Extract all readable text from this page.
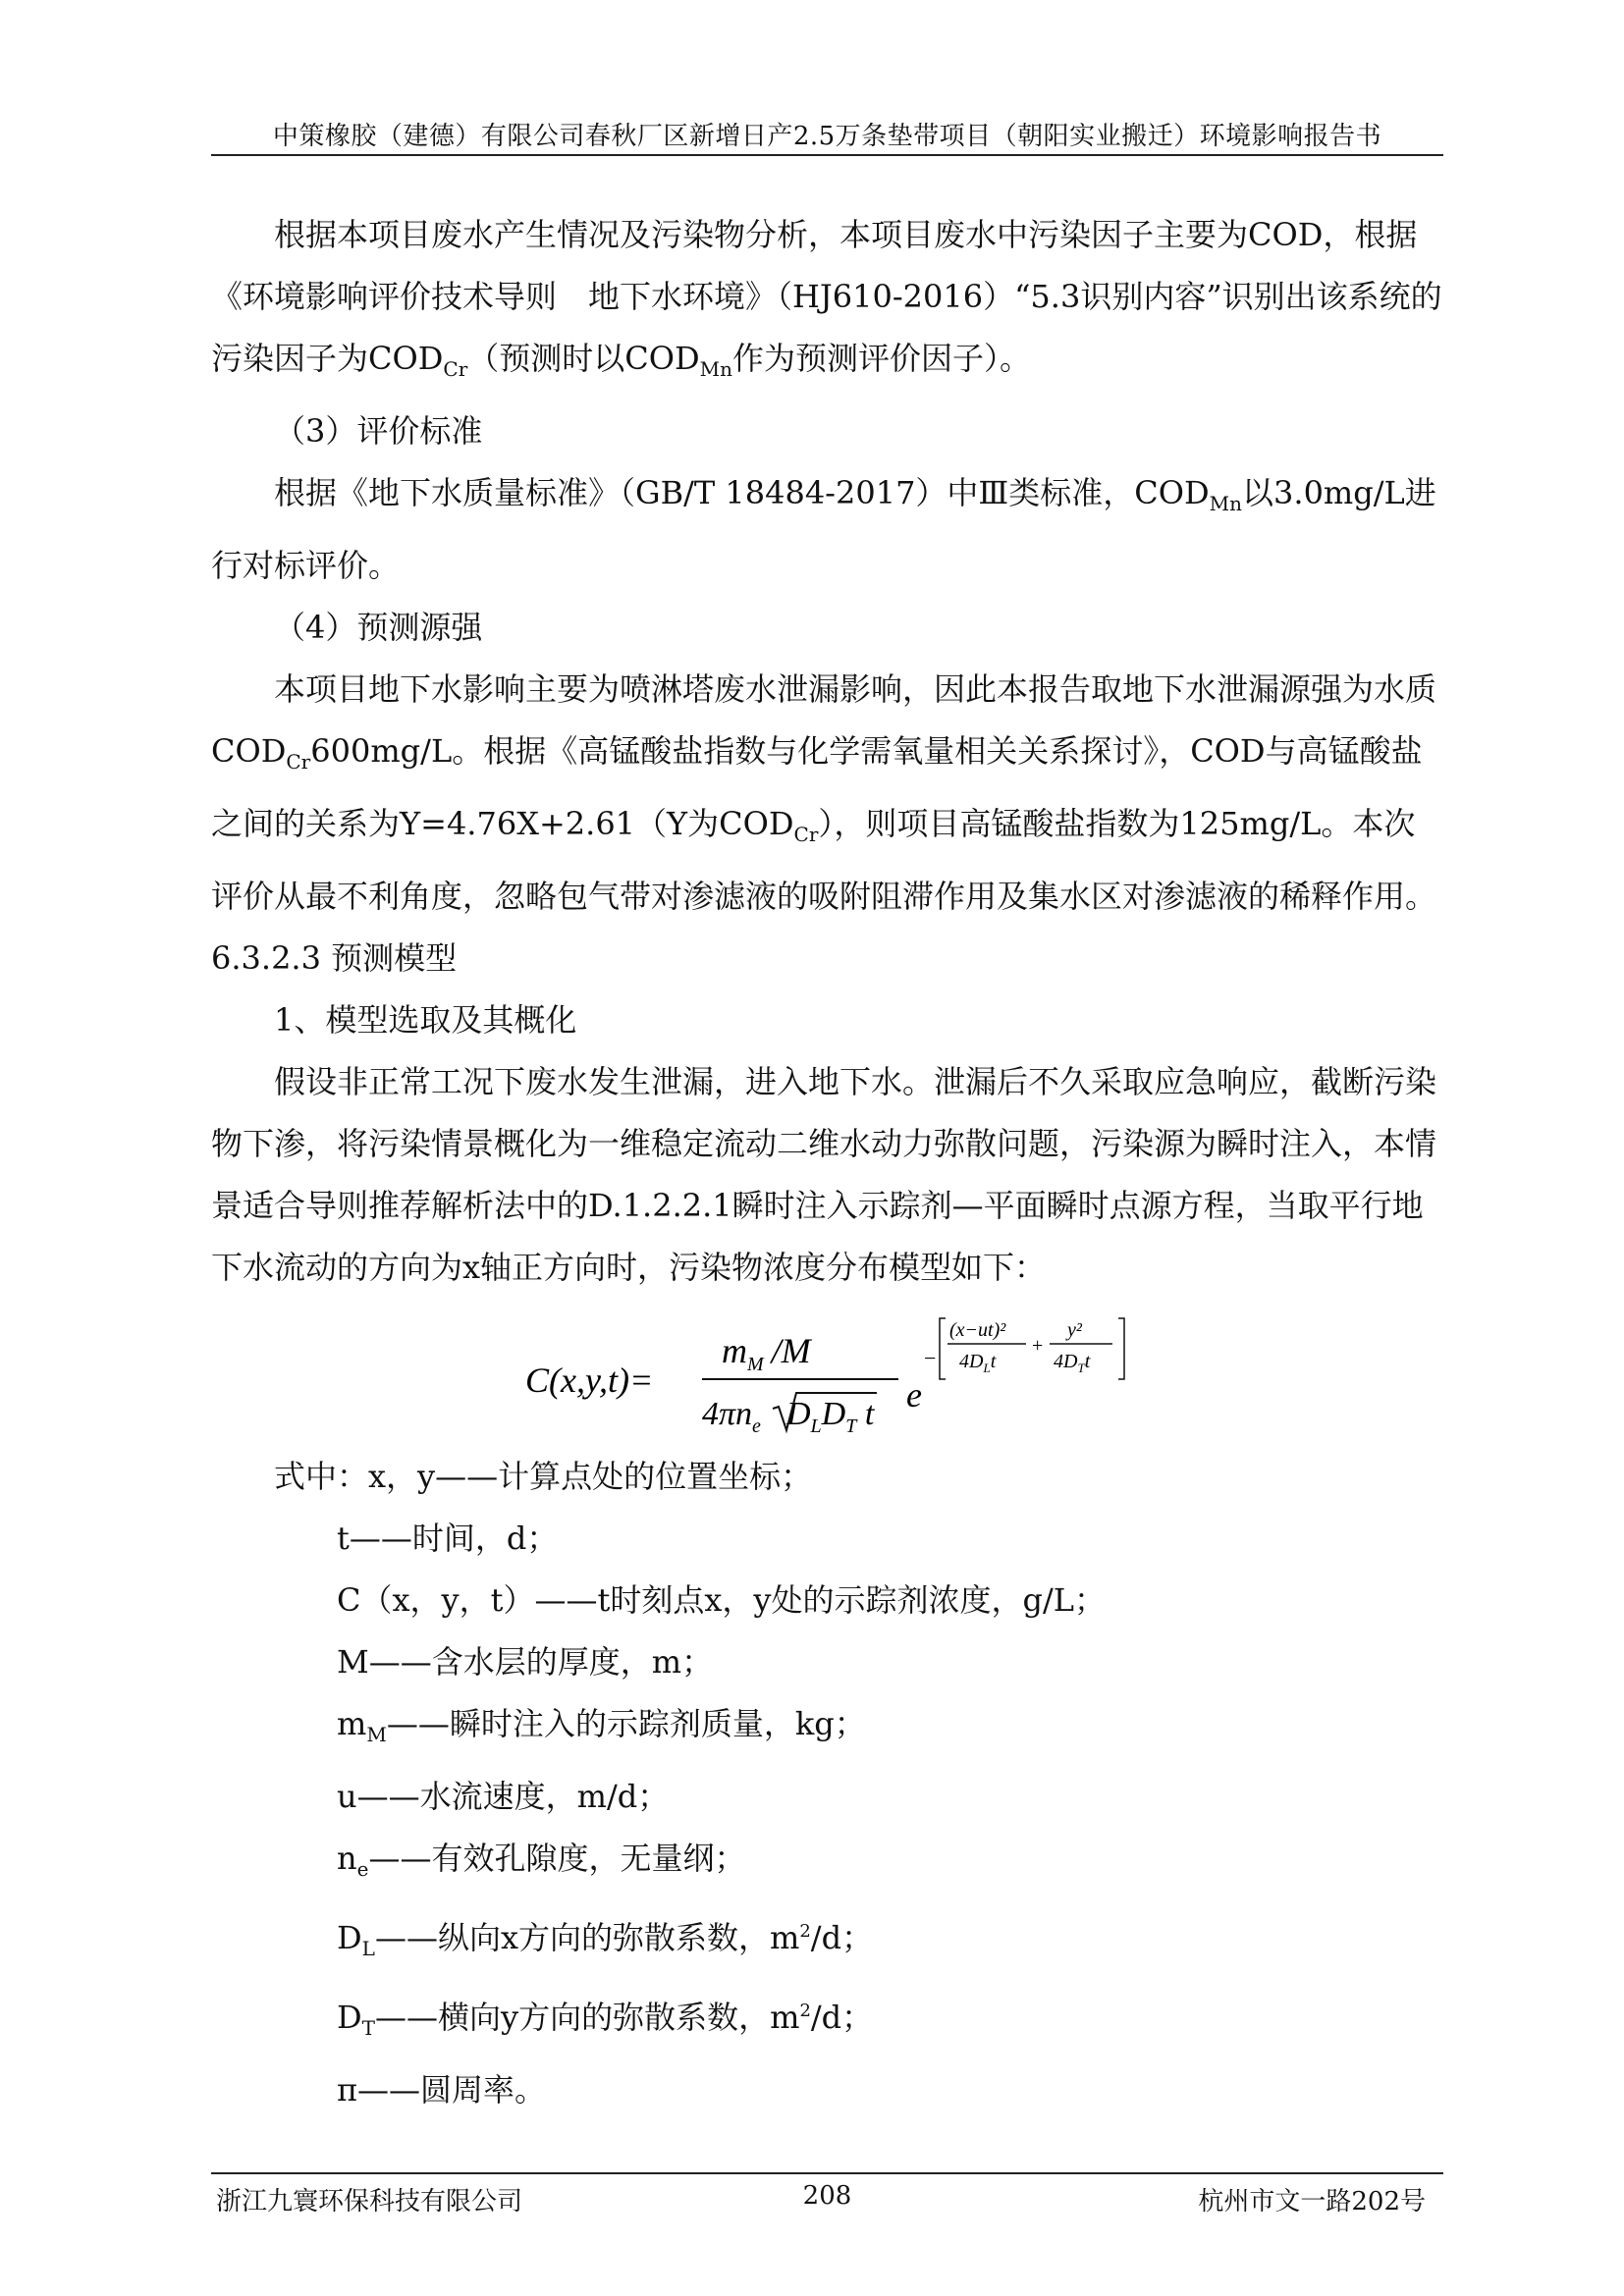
中策橡胶（建德）有限公司春秋厂区新增日产2.5万条垫带项目（朝阳实业搬迁）环境影响报告书

根据本项目废水产生情况及污染物分析，本项目废水中污染因子主要为COD，根据《环境影响评价技术导则　地下水环境》（HJ610-2016）“5.3识别内容”识别出该系统的污染因子为$COD_{Cr}$（预测时以$COD_{Mn}$作为预测评价因子）。

（3）评价标准

根据《地下水质量标准》（GB/T 18484-2017）中Ⅲ类标准，$COD_{Mn}$以3.0mg/L进行对标评价。

（4）预测源强

本项目地下水影响主要为喷淋塔废水泄漏影响，因此本报告取地下水泄漏源强为水质$COD_{Cr}600mg/L$。根据《高锰酸盐指数与化学需氧量相关关系探讨》，COD与高锰酸盐之间的关系为Y=4.76X+2.61（Y为$COD_{Cr}$），则项目高锰酸盐指数为125mg/L。本次评价从最不利角度，忽略包气带对渗滤液的吸附阻滞作用及集水区对渗滤液的稀释作用。

6.3.2.3 预测模型

1、模型选取及其概化

假设非正常工况下废水发生泄漏，进入地下水。泄漏后不久采取应急响应，截断污染物下渗，将污染情景概化为一维稳定流动二维水动力弥散问题，污染源为瞬时注入，本情景适合导则推荐解析法中的D.1.2.2.1瞬时注入示踪剂—平面瞬时点源方程，当取平行地下水流动的方向为x轴正方向时，污染物浓度分布模型如下：

C(x,y,t)=
$m_M$ /M
$4\pi n_e$ $D_LD_T$ t e
−
(x−ut)²
$4D_Lt$
+
y²
$4D_Tt$

式中：x，y——计算点处的位置坐标；

t——时间，d；

C（x，y，t）——t时刻点x，y处的示踪剂浓度，g/L；

M——含水层的厚度，m；

$m_M——$瞬时注入的示踪剂质量，kg；

u——水流速度，m/d；

$n_e——$有效孔隙度，无量纲；

$D_L——$纵向x方向的弥散系数，$m^2/d$；

$D_T——$横向y方向的弥散系数，$m^2/d$；

π——圆周率。

浙江九寰环保科技有限公司	208	杭州市文一路202号
